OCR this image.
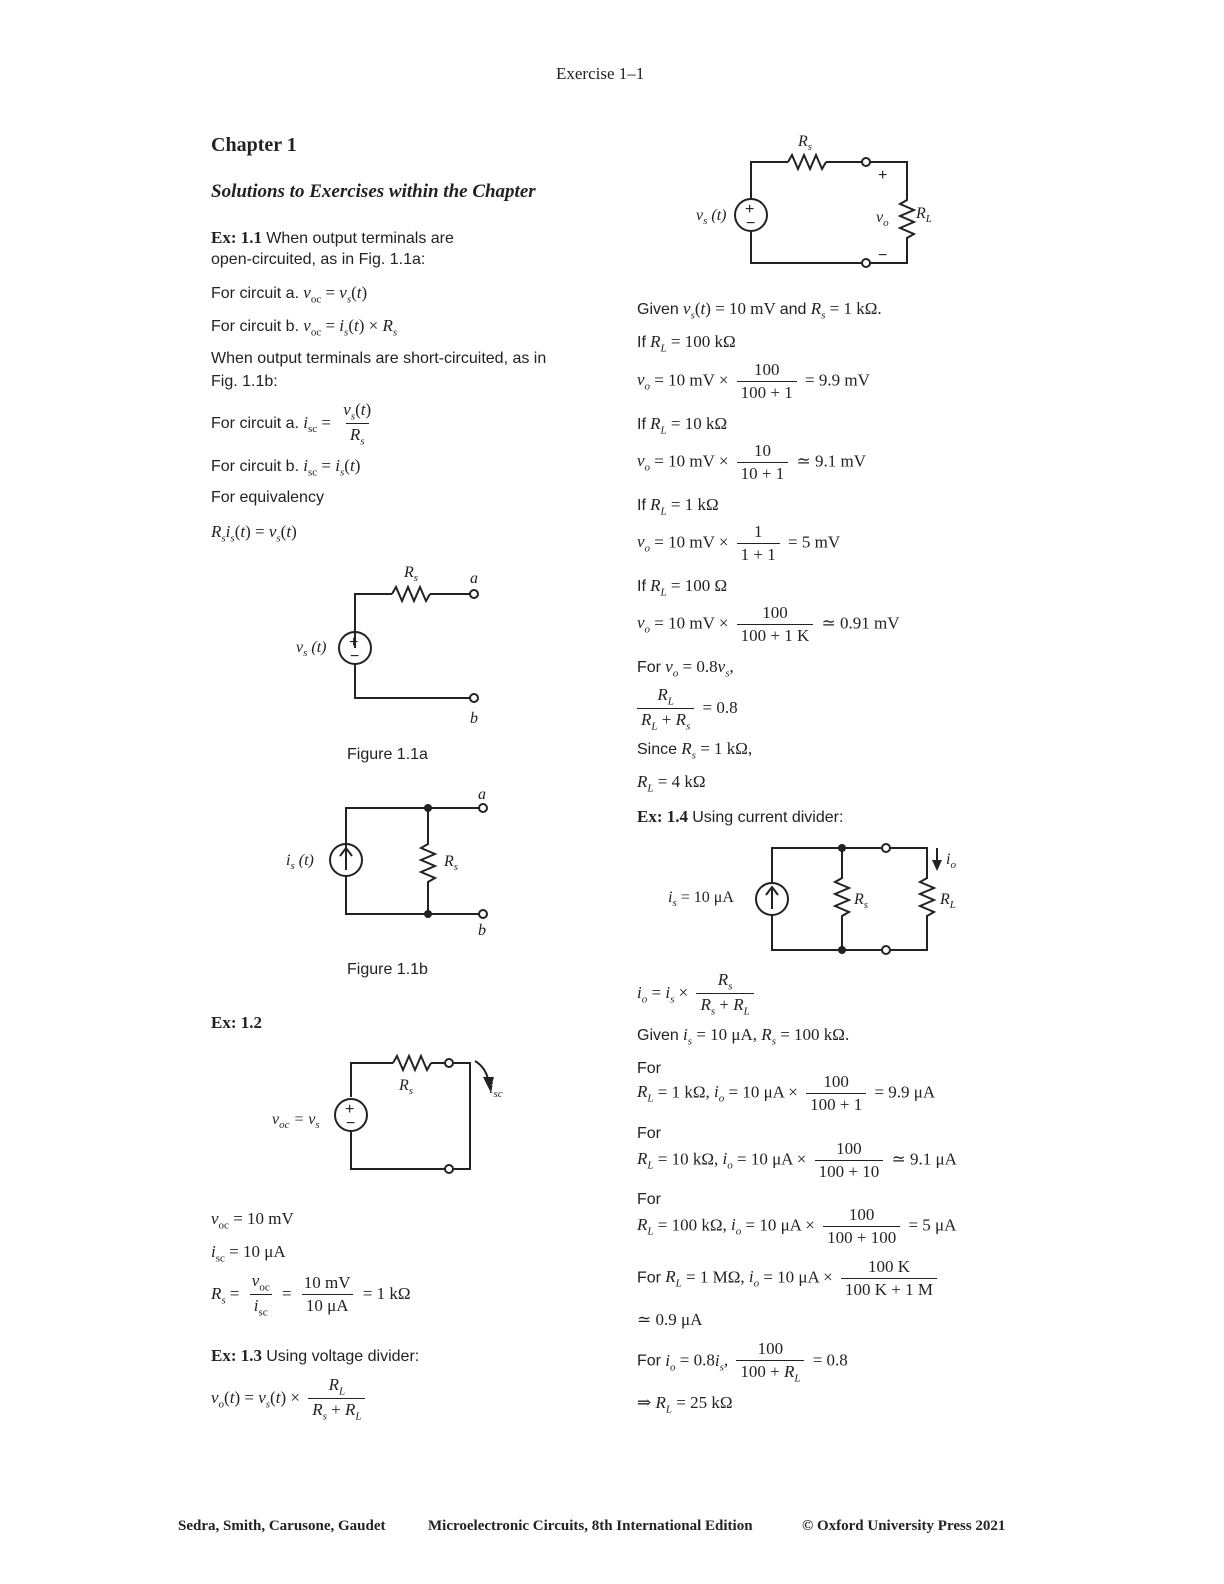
Exercise 1–1
Chapter 1
Solutions to Exercises within the Chapter
Ex: 1.1 When output terminals are
open-circuited, as in Fig. 1.1a:
For circuit a. $v_{oc} = v_s(t)$
For circuit b. $v_{oc} = i_s(t) \times R_s$
When output terminals are short-circuited, as in
Fig. 1.1b:
For circuit a. $i_{sc} = \frac{v_s(t)}{R_s}$
For circuit b. $i_{sc} = i_s(t)$
For equivalency
$R_si_s(t) = v_s(t)$
$R_s$	a
b
$v_s$ (t) +
−
Figure 1.1a
a
b
$R_s$
$i_s$ (t)
Figure 1.1b
Ex: 1.2
$R_s$	$i_{sc}$
$v_{oc} = v_s$
+
−
$v_{oc} = 10$ mV
$i_{sc} = 10$ μA
$R_s = \frac{v_{oc}}{i_{sc}} = \frac{10 mV}{10 \mu A} = 1$ kΩ
Ex: 1.3 Using voltage divider:
$v_o(t) = v_s(t) \times \frac{R_L}{R_s + R_L}$
$R_s$
+
−
$v_o$
$R_L$
$v_s$ (t) +
−
Given $v_s(t) = 10$ mV and $R_s = 1$ kΩ.
If $R_L = 100$ kΩ
$v_o = 10$ mV × $\frac{100}{100 + 1} = 9.9$ mV
If $R_L = 10$ kΩ
$v_o = 10$ mV × $\frac{10}{10 + 1}$ ≃ 9.1 mV
If $R_L = 1$ kΩ
$v_o = 10$ mV × $\frac{1}{1 + 1} = 5$ mV
If $R_L = 100$ Ω
$v_o = 10$ mV × $\frac{100}{100 + 1 K}$ ≃ 0.91 mV
For $v_o = 0.8v_s$,
$\frac{R_L}{R_L + R_s} = 0.8$
Since $R_s = 1$ kΩ,
$R_L = 4$ kΩ
Ex: 1.4 Using current divider:
$i_o$
$R_s$	$R_L$
$i_s = 10$ μA
$i_o = i_s \times \frac{R_s}{R_s + R_L}$
Given $i_s = 10$ μA, $R_s = 100$ kΩ.
For
$R_L = 1$ kΩ, $i_o = 10$ $\mu A \times \frac{100}{100 + 1} = 9.9$ μA
For
$R_L = 10$ kΩ, $i_o = 10$ $\mu A \times \frac{100}{100 + 10}$ ≃ 9.1 μA
For
$R_L = 100$ kΩ, $i_o = 10$ $\mu A \times \frac{100}{100 + 100} = 5$ μA
For $R_L = 1$ MΩ, $i_o = 10$ $\mu A \times \frac{100 K}{100 K + 1 M}$
≃ 0.9 μA
For $i_o = 0.8i_s$, $\frac{100}{100 + R_L} = 0.8$
⇒ $R_L = 25$ kΩ
Sedra, Smith, Carusone, Gaudet	Microelectronic Circuits, 8th International Edition	© Oxford University Press 2021
